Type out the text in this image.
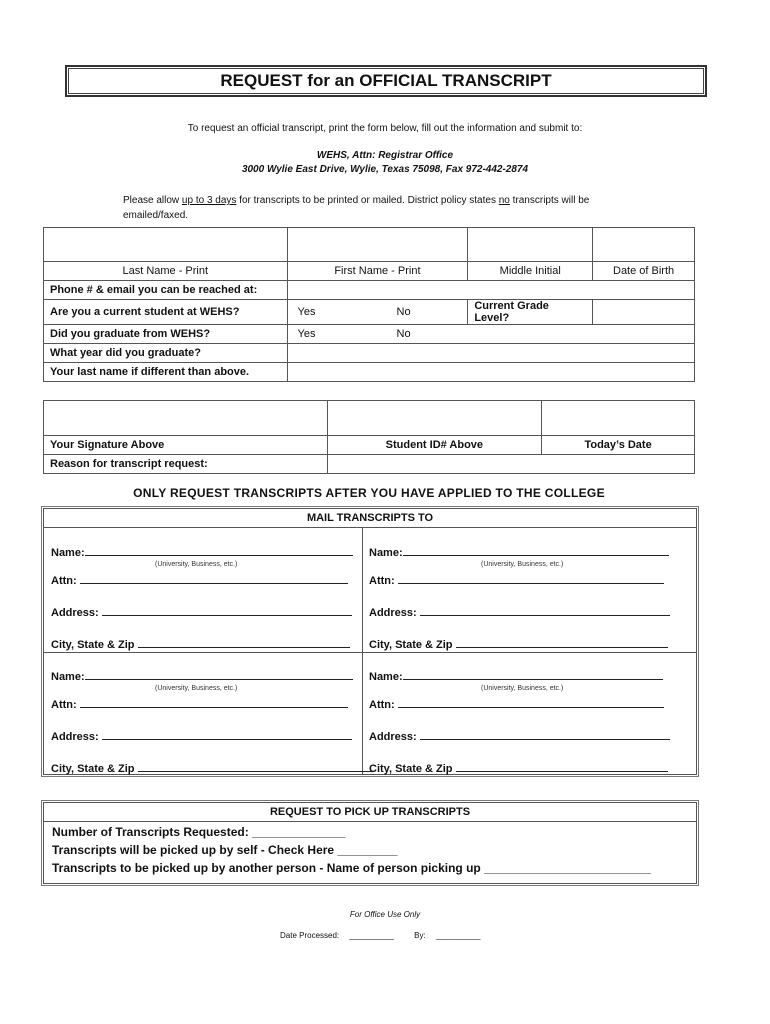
REQUEST for an OFFICIAL TRANSCRIPT
To request an official transcript, print the form below, fill out the information and submit to:
WEHS, Attn: Registrar Office
3000 Wylie East Drive, Wylie, Texas 75098, Fax 972-442-2874
Please allow up to 3 days for transcripts to be printed or mailed. District policy states no transcripts will be emailed/faxed.

Last Name - Print	First Name - Print	Middle Initial	Date of Birth
Phone # & email you can be reached at:			
Are you a current student at WEHS?	Yes No	Current Grade Level?	
Did you graduate from WEHS?	Yes No		
What year did you graduate?			
Your last name if different than above.			

Your Signature Above	Student ID# Above	Today’s Date
Reason for transcript request:		
ONLY REQUEST TRANSCRIPTS AFTER YOU HAVE APPLIED TO THE COLLEGE
MAIL TRANSCRIPTS TO
Name:
(University, Business, etc.)
Attn:
Address:
City, State & Zip
Name:
(University, Business, etc.)
Attn:
Address:
City, State & Zip
Name:
(University, Business, etc.)
Attn:
Address:
City, State & Zip
Name:
(University, Business, etc.)
Attn:
Address:
City, State & Zip
REQUEST TO PICK UP TRANSCRIPTS
Number of Transcripts Requested: ______________
Transcripts will be picked up by self - Check Here _________
Transcripts to be picked up by another person - Name of person picking up _________________________
For Office Use Only
Date Processed: __________	By: __________
